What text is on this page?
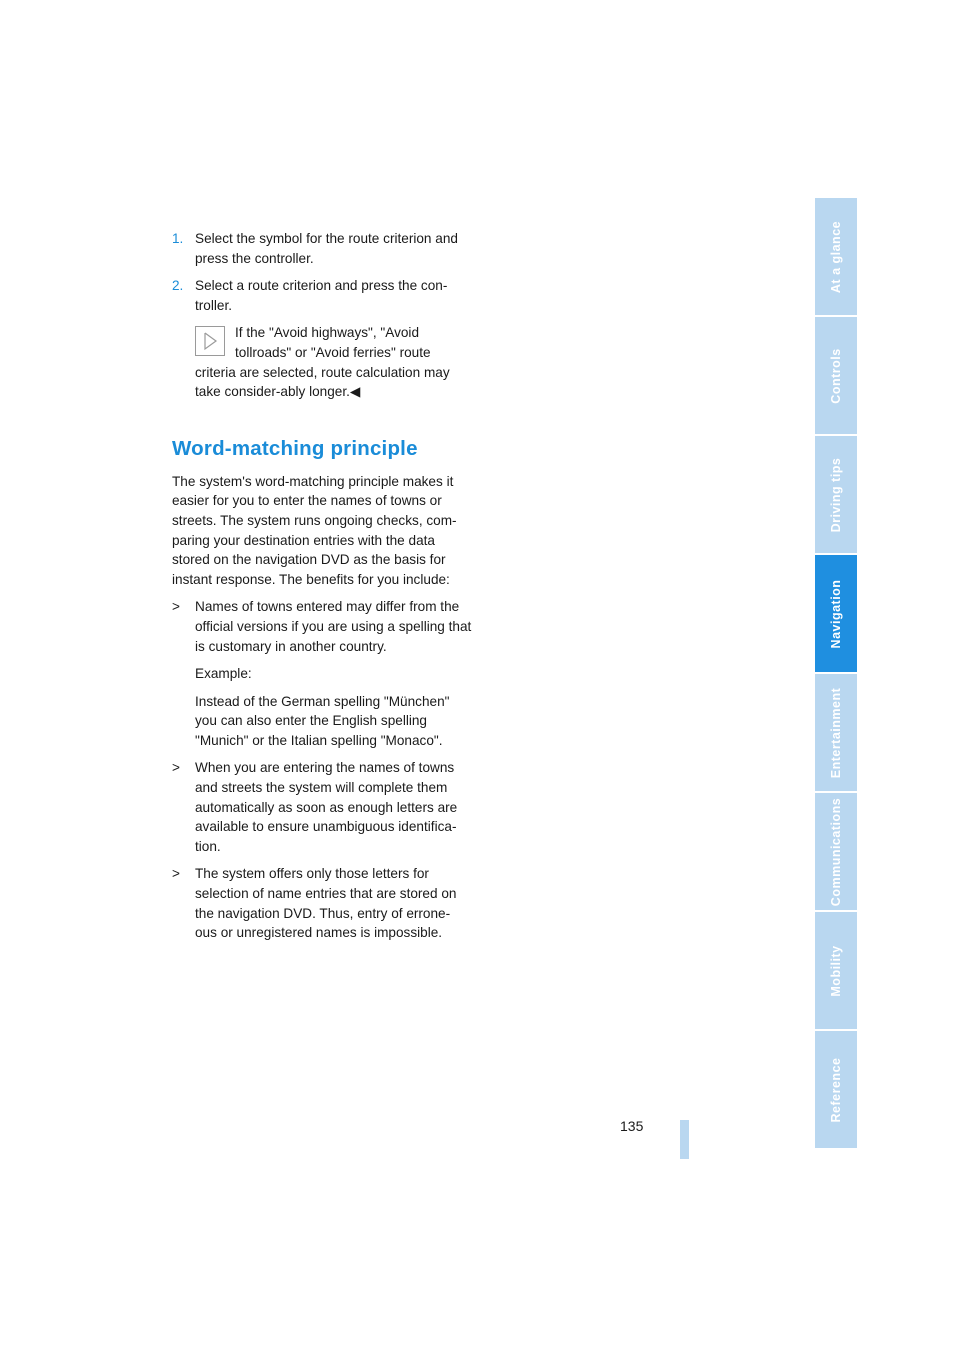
1. Select the symbol for the route criterion and press the controller.
2. Select a route criterion and press the con-troller.
If the "Avoid highways", "Avoid tollroads" or "Avoid ferries" route criteria are selected, route calculation may take consider-ably longer.◀
Word-matching principle

The system's word-matching principle makes it easier for you to enter the names of towns or streets. The system runs ongoing checks, com-paring your destination entries with the data stored on the navigation DVD as the basis for instant response. The benefits for you include:

> Names of towns entered may differ from the official versions if you are using a spelling that is customary in another country.
Example:
Instead of the German spelling "München" you can also enter the English spelling "Munich" or the Italian spelling "Monaco".
> When you are entering the names of towns and streets the system will complete them automatically as soon as enough letters are available to ensure unambiguous identifica-tion.
> The system offers only those letters for selection of name entries that are stored on the navigation DVD. Thus, entry of errone-ous or unregistered names is impossible.
135
At a glance
Controls
Driving tips
Navigation
Entertainment
Communications
Mobility
Reference
